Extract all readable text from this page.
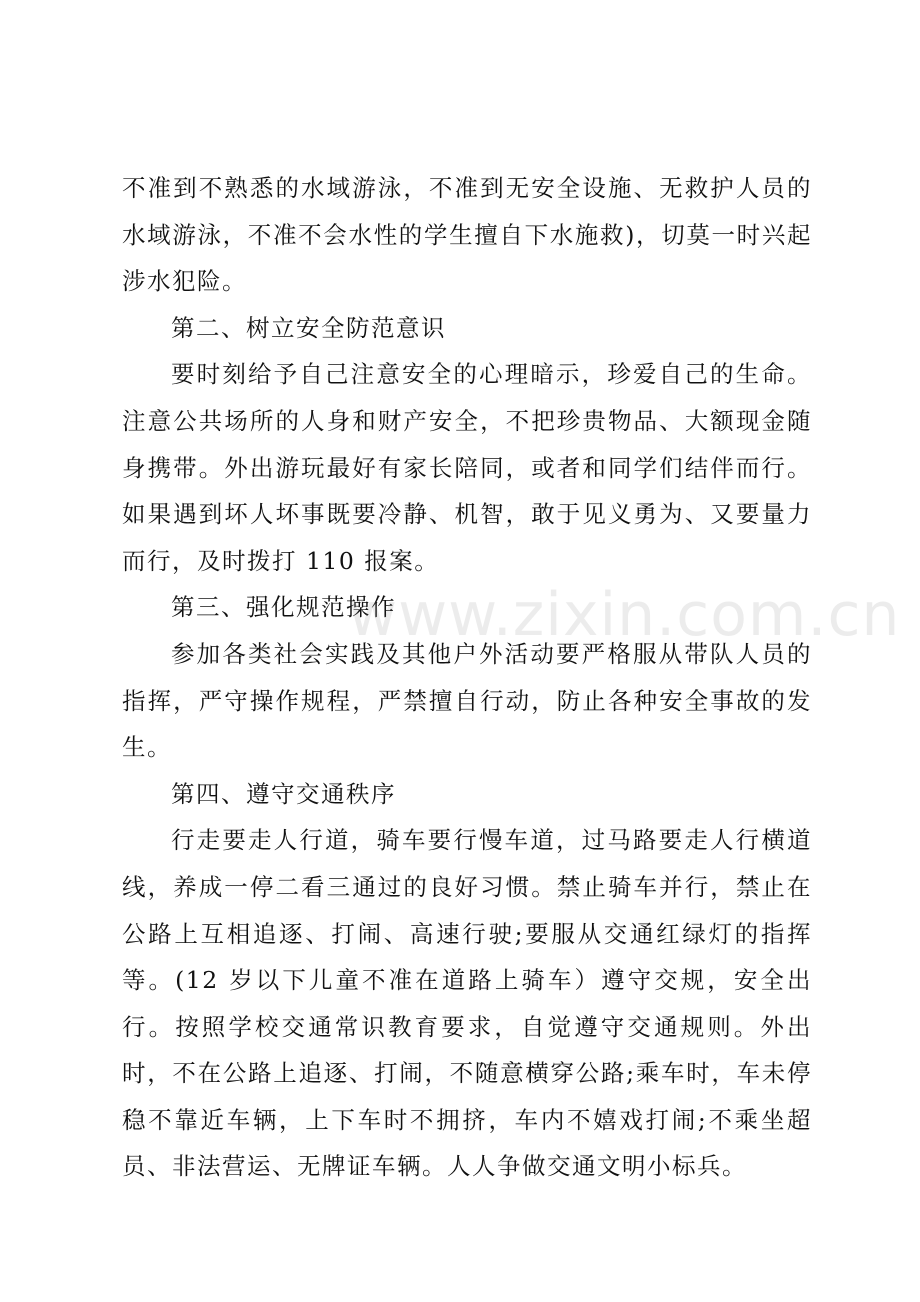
不准到不熟悉的水域游泳，不准到无安全设施、无救护人员的水域游泳，不准不会水性的学生擅自下水施救)，切莫一时兴起涉水犯险。

第二、树立安全防范意识

要时刻给予自己注意安全的心理暗示，珍爱自己的生命。注意公共场所的人身和财产安全，不把珍贵物品、大额现金随身携带。外出游玩最好有家长陪同，或者和同学们结伴而行。如果遇到坏人坏事既要冷静、机智，敢于见义勇为、又要量力而行，及时拨打 110 报案。

第三、强化规范操作

参加各类社会实践及其他户外活动要严格服从带队人员的指挥，严守操作规程，严禁擅自行动，防止各种安全事故的发生。

第四、遵守交通秩序

行走要走人行道，骑车要行慢车道，过马路要走人行横道线，养成一停二看三通过的良好习惯。禁止骑车并行，禁止在公路上互相追逐、打闹、高速行驶;要服从交通红绿灯的指挥等。(12 岁以下儿童不准在道路上骑车）遵守交规，安全出行。按照学校交通常识教育要求，自觉遵守交通规则。外出时，不在公路上追逐、打闹，不随意横穿公路;乘车时，车未停稳不靠近车辆，上下车时不拥挤，车内不嬉戏打闹;不乘坐超员、非法营运、无牌证车辆。人人争做交通文明小标兵。

www.zixin.com.cn
